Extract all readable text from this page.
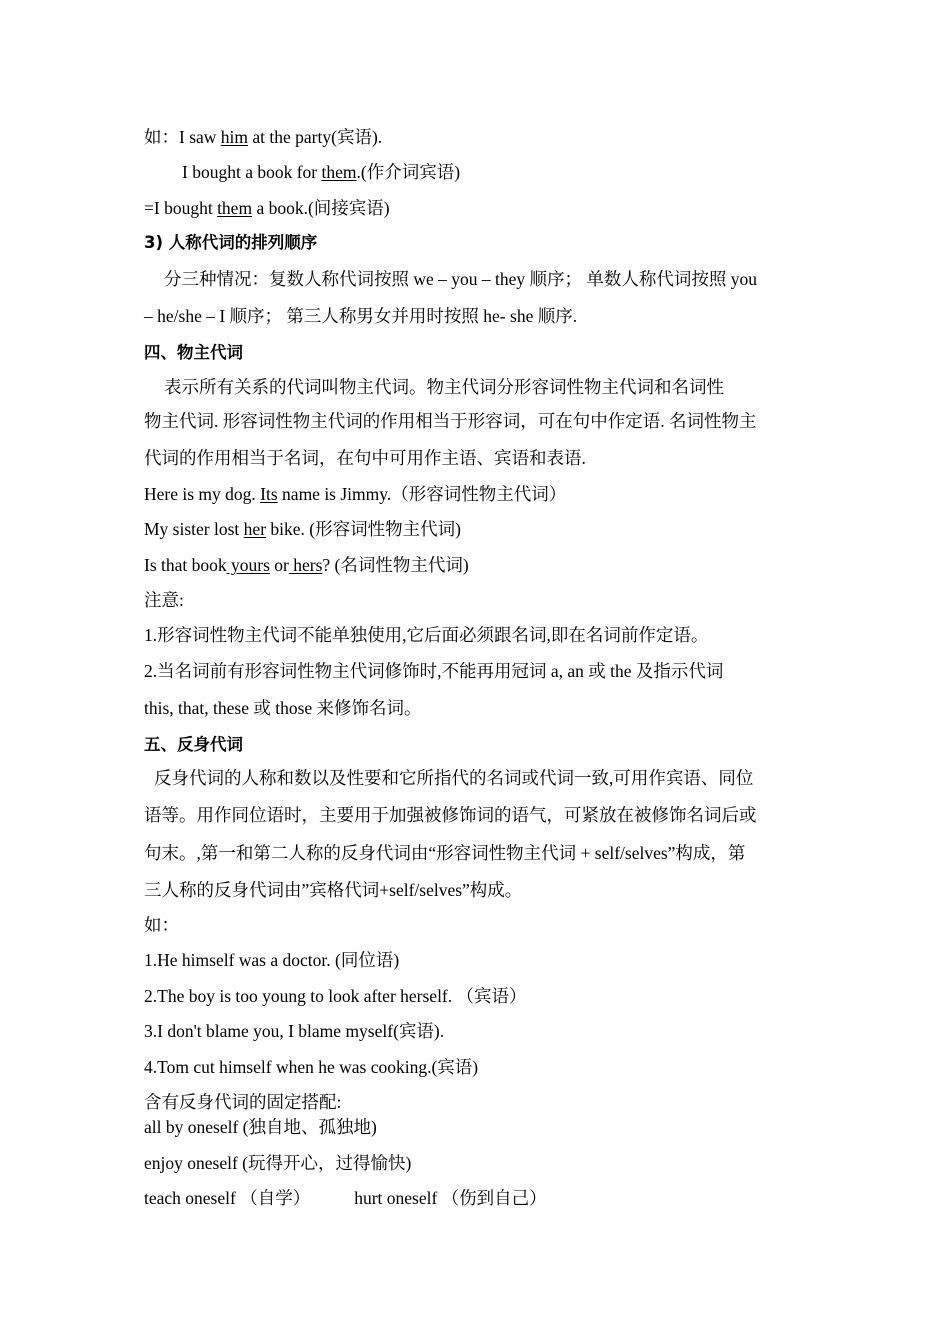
如：I saw him at the party(宾语).
I bought a book for them.(作介词宾语)
=I bought them a book.(间接宾语)
3) 人称代词的排列顺序
分三种情况：复数人称代词按照 we – you – they 顺序； 单数人称代词按照 you
– he/she – I 顺序； 第三人称男女并用时按照 he- she 顺序.
四、物主代词
表示所有关系的代词叫物主代词。物主代词分形容词性物主代词和名词性
物主代词. 形容词性物主代词的作用相当于形容词，可在句中作定语. 名词性物主
代词的作用相当于名词，在句中可用作主语、宾语和表语.
Here is my dog. Its name is Jimmy.（形容词性物主代词）
My sister lost her bike. (形容词性物主代词)
Is that book yours or hers? (名词性物主代词)
注意:
1.形容词性物主代词不能单独使用,它后面必须跟名词,即在名词前作定语。
2.当名词前有形容词性物主代词修饰时,不能再用冠词 a, an 或 the 及指示代词
this, that, these 或 those 来修饰名词。
五、反身代词
反身代词的人称和数以及性要和它所指代的名词或代词一致,可用作宾语、同位
语等。用作同位语时，主要用于加强被修饰词的语气，可紧放在被修饰名词后或
句末。,第一和第二人称的反身代词由“形容词性物主代词 + self/selves”构成，第
三人称的反身代词由”宾格代词+self/selves”构成。
如：
1.He himself was a doctor. (同位语)
2.The boy is too young to look after herself. （宾语）
3.I don't blame you, I blame myself(宾语).
4.Tom cut himself when he was cooking.(宾语)
含有反身代词的固定搭配:
all by oneself (独自地、孤独地)
enjoy oneself (玩得开心，过得愉快)
teach oneself （自学）	hurt oneself （伤到自己）
